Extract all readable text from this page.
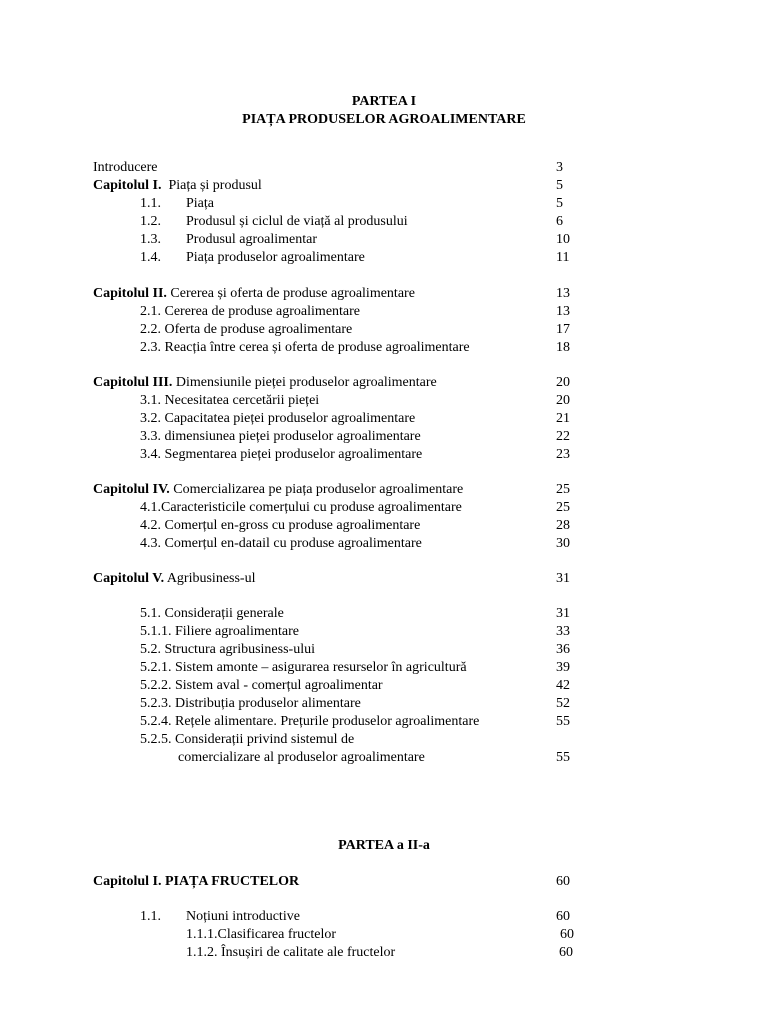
PARTEA I
PIAȚA PRODUSELOR AGROALIMENTARE
Introducere	3
Capitolul I. Piața și produsul	5
1.1. Piața	5
1.2. Produsul și ciclul de viață al produsului	6
1.3. Produsul agroalimentar	10
1.4. Piața produselor agroalimentare	11
Capitolul II. Cererea și oferta de produse agroalimentare	13
2.1. Cererea de produse agroalimentare	13
2.2. Oferta de produse agroalimentare	17
2.3. Reacția între cerea și oferta de produse agroalimentare	18
Capitolul III. Dimensiunile pieței produselor agroalimentare	20
3.1. Necesitatea cercetării pieței	20
3.2. Capacitatea pieței produselor agroalimentare	21
3.3. dimensiunea pieței produselor agroalimentare	22
3.4. Segmentarea pieței produselor agroalimentare	23
Capitolul IV. Comercializarea pe piața produselor agroalimentare	25
4.1.Caracteristicile comerțului cu produse agroalimentare	25
4.2. Comerțul en-gross cu produse agroalimentare	28
4.3. Comerțul en-datail cu produse agroalimentare	30
Capitolul V. Agribusiness-ul	31
5.1. Considerații generale	31
5.1.1. Filiere agroalimentare	33
5.2. Structura agribusiness-ului	36
5.2.1. Sistem amonte – asigurarea resurselor în agricultură	39
5.2.2. Sistem aval - comerțul agroalimentar	42
5.2.3. Distribuția produselor alimentare	52
5.2.4. Rețele alimentare. Prețurile produselor agroalimentare	55
5.2.5. Considerații privind sistemul de
comercializare al produselor agroalimentare	55
PARTEA a II-a
Capitolul I. PIAȚA FRUCTELOR	60
1.1. Noțiuni introductive	60
1.1.1.Clasificarea fructelor	60
1.1.2. Însușiri de calitate ale fructelor	60
